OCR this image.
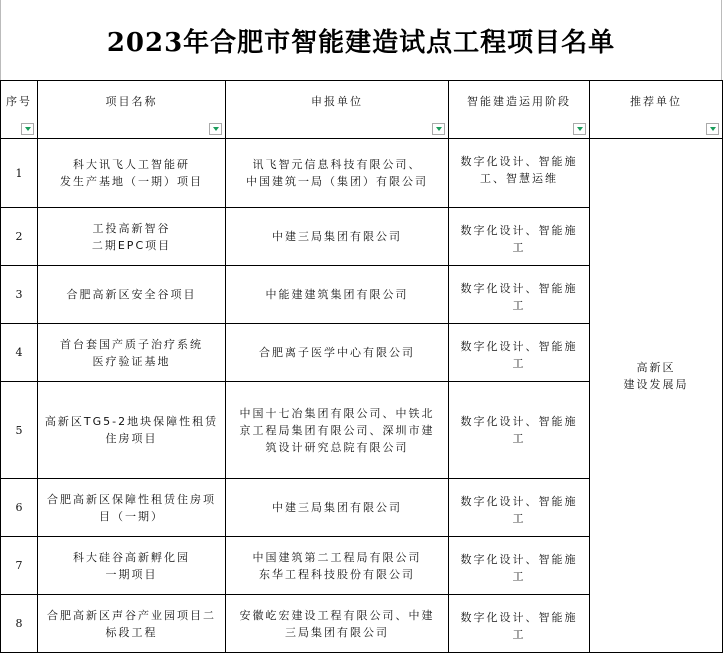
2023年合肥市智能建造试点工程项目名单
序号	项目名称	申报单位	智能建造运用阶段	推荐单位

1	科大讯飞人工智能研
发生产基地（一期）项目	讯飞智元信息科技有限公司、
中国建筑一局（集团）有限公司	数字化设计、智能施
工、智慧运维	高新区
建设发展局
2	工投高新智谷
二期EPC项目	中建三局集团有限公司	数字化设计、智能施
工	
3	合肥高新区安全谷项目	中能建建筑集团有限公司	数字化设计、智能施
工	
4	首台套国产质子治疗系统
医疗验证基地	合肥离子医学中心有限公司	数字化设计、智能施
工	
5	高新区TG5-2地块保障性租赁
住房项目	中国十七冶集团有限公司、中铁北
京工程局集团有限公司、深圳市建
筑设计研究总院有限公司	数字化设计、智能施
工	
6	合肥高新区保障性租赁住房项
目（一期）	中建三局集团有限公司	数字化设计、智能施
工	
7	科大硅谷高新孵化园
一期项目	中国建筑第二工程局有限公司
东华工程科技股份有限公司	数字化设计、智能施
工	
8	合肥高新区声谷产业园项目二
标段工程	安徽屹宏建设工程有限公司、中建
三局集团有限公司	数字化设计、智能施
工	
